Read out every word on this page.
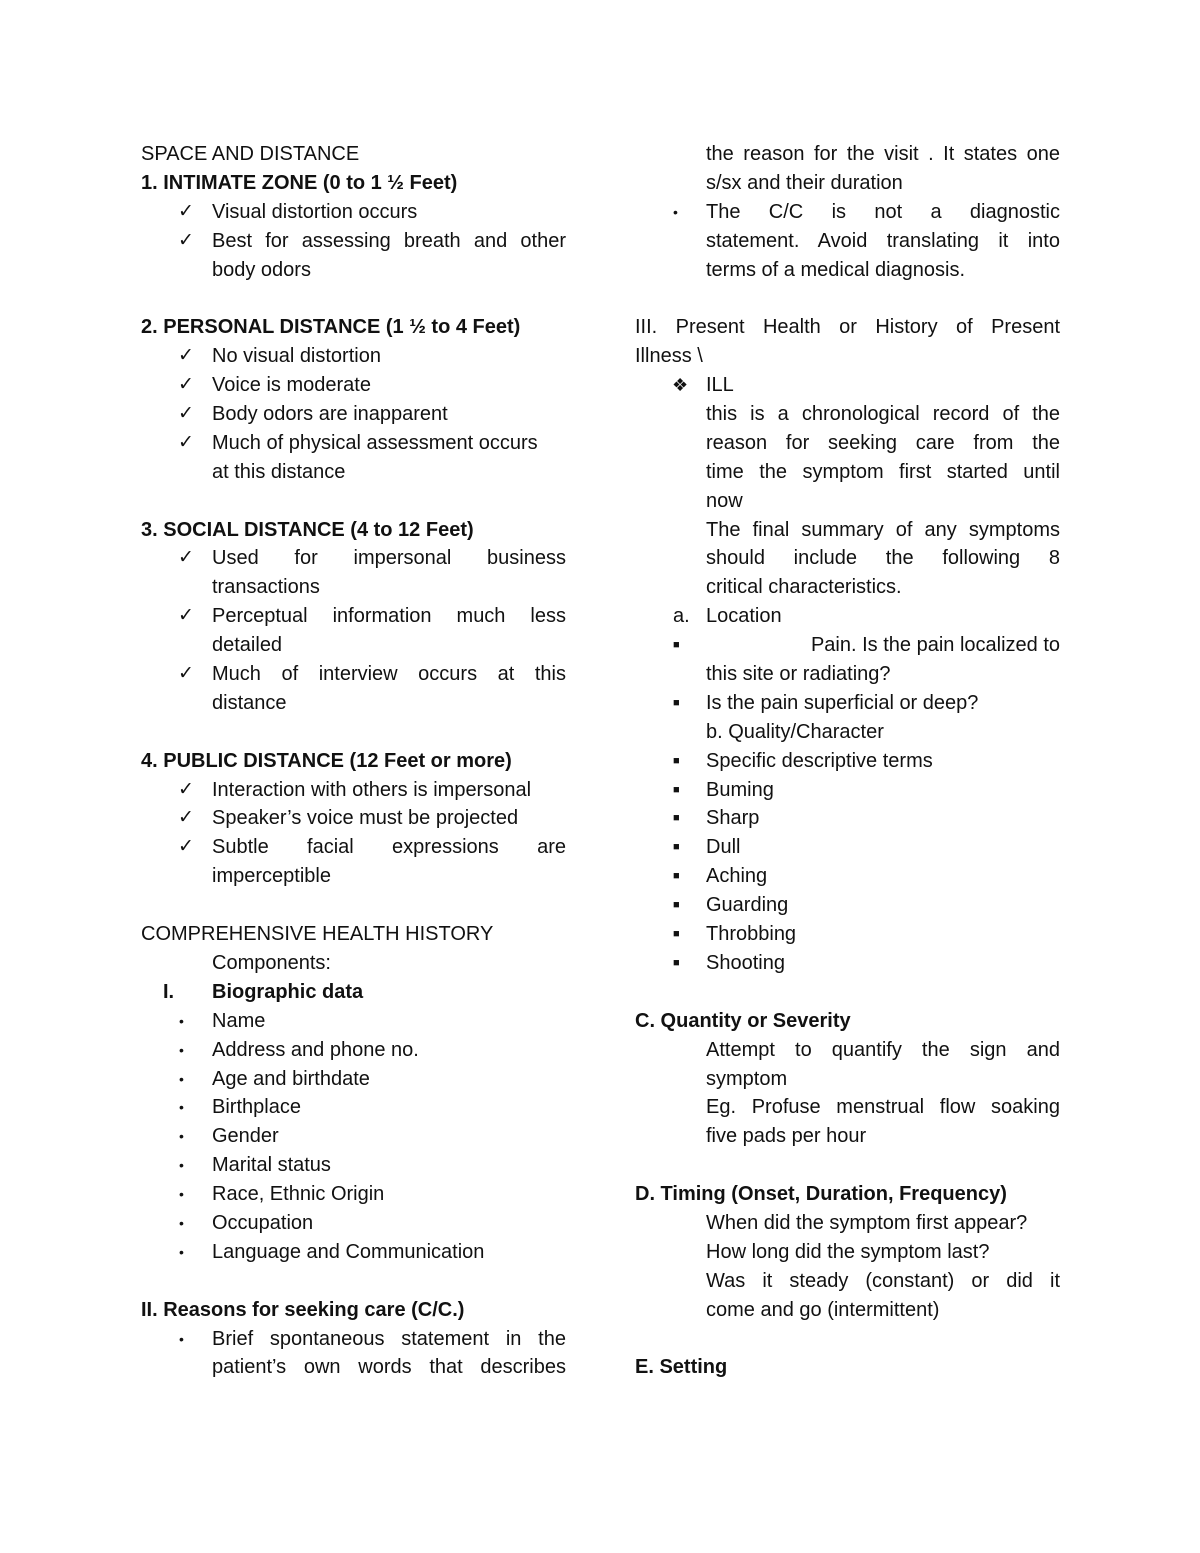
SPACE AND DISTANCE
1. INTIMATE ZONE (0 to 1 ½ Feet)
✓ Visual distortion occurs
✓ Best for assessing breath and other
body odors
2. PERSONAL DISTANCE (1 ½ to 4 Feet)
✓ No visual distortion
✓ Voice is moderate
✓ Body odors are inapparent
✓ Much of physical assessment occurs
at this distance
3. SOCIAL DISTANCE (4 to 12 Feet)
✓ Used for impersonal business
transactions
✓ Perceptual information much less
detailed
✓ Much of interview occurs at this
distance
4. PUBLIC DISTANCE (12 Feet or more)
✓ Interaction with others is impersonal
✓ Speaker’s voice must be projected
✓ Subtle facial expressions are
imperceptible
COMPREHENSIVE HEALTH HISTORY
Components:
I.	Biographic data
•	Name
•	Address and phone no.
•	Age and birthdate
•	Birthplace
•	Gender
•	Marital status
•	Race, Ethnic Origin
•	Occupation
•	Language and Communication
II. Reasons for seeking care (C/C.)
•	Brief spontaneous statement in the
patient’s own words that describes
the reason for the visit . It states one
s/sx and their duration
•	The C/C is not a diagnostic
statement. Avoid translating it into
terms of a medical diagnosis.
III. Present Health or History of Present
Illness \
❖ ILL
this is a chronological record of the
reason for seeking care from the
time the symptom first started until
now
The final summary of any symptoms
should include the following 8
critical characteristics.
a. Location
■	Pain. Is the pain localized to
this site or radiating?
■	Is the pain superficial or deep?
b. Quality/Character
■	Specific descriptive terms
■	Buming
■	Sharp
■	Dull
■	Aching
■	Guarding
■	Throbbing
■	Shooting
C. Quantity or Severity
Attempt to quantify the sign and
symptom
Eg. Profuse menstrual flow soaking
five pads per hour
D. Timing (Onset, Duration, Frequency)
When did the symptom first appear?
How long did the symptom last?
Was it steady (constant) or did it
come and go (intermittent)
E. Setting
